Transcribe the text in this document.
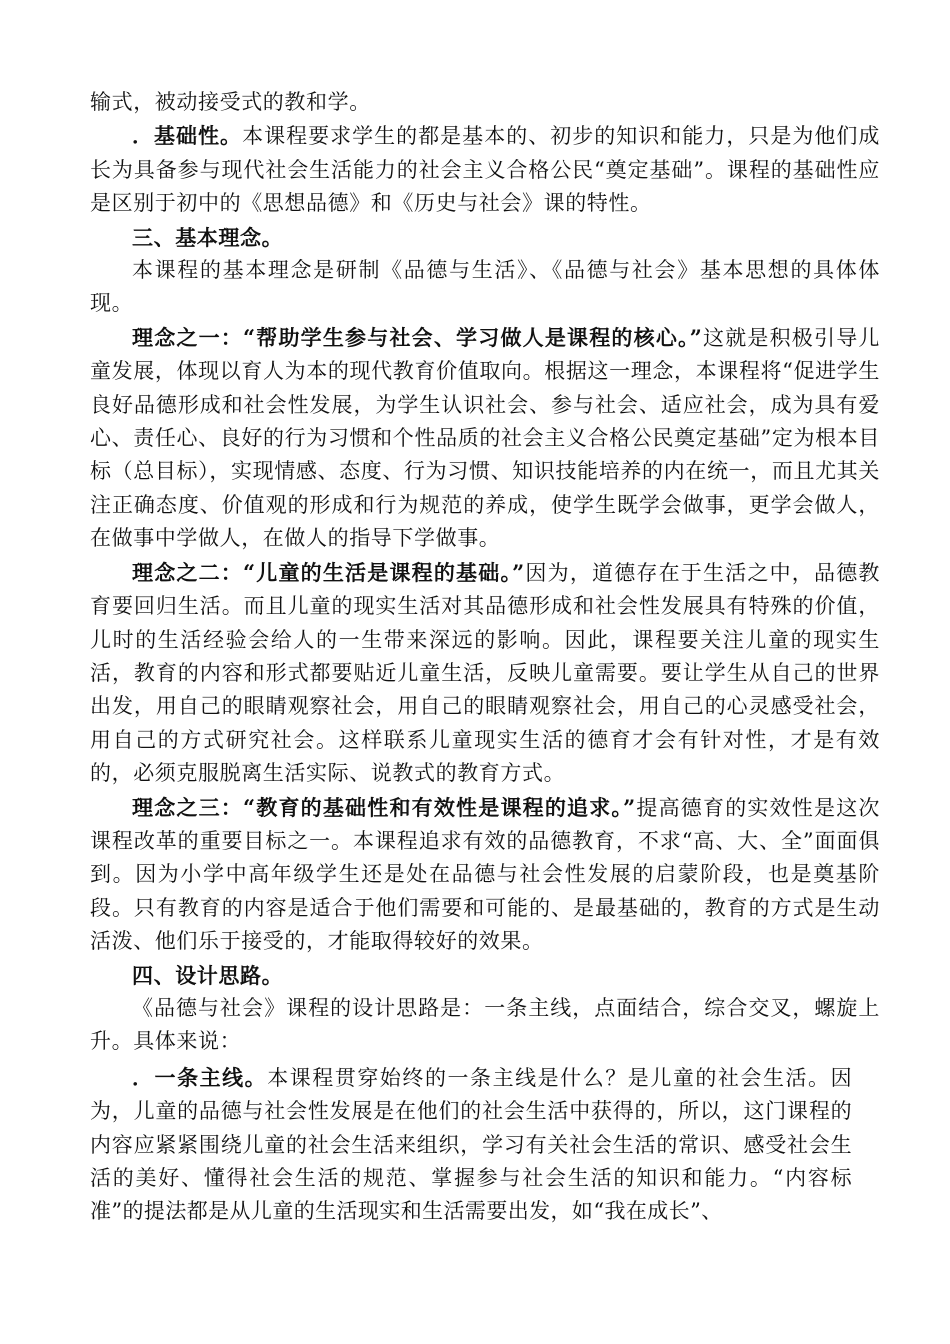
输式，被动接受式的教和学。

．基础性。本课程要求学生的都是基本的、初步的知识和能力，只是为他们成长为具备参与现代社会生活能力的社会主义合格公民“奠定基础”。课程的基础性应是区别于初中的《思想品德》和《历史与社会》课的特性。

三、基本理念。

本课程的基本理念是研制《品德与生活》、《品德与社会》基本思想的具体体现。

理念之一：“帮助学生参与社会、学习做人是课程的核心。”这就是积极引导儿童发展，体现以育人为本的现代教育价值取向。根据这一理念，本课程将“促进学生良好品德形成和社会性发展，为学生认识社会、参与社会、适应社会，成为具有爱心、责任心、良好的行为习惯和个性品质的社会主义合格公民奠定基础”定为根本目标（总目标），实现情感、态度、行为习惯、知识技能培养的内在统一，而且尤其关注正确态度、价值观的形成和行为规范的养成，使学生既学会做事，更学会做人，在做事中学做人，在做人的指导下学做事。

理念之二：“儿童的生活是课程的基础。”因为，道德存在于生活之中，品德教育要回归生活。而且儿童的现实生活对其品德形成和社会性发展具有特殊的价值，儿时的生活经验会给人的一生带来深远的影响。因此，课程要关注儿童的现实生活，教育的内容和形式都要贴近儿童生活，反映儿童需要。要让学生从自己的世界出发，用自己的眼睛观察社会，用自己的眼睛观察社会，用自己的心灵感受社会，用自己的方式研究社会。这样联系儿童现实生活的德育才会有针对性，才是有效的，必须克服脱离生活实际、说教式的教育方式。

理念之三：“教育的基础性和有效性是课程的追求。”提高德育的实效性是这次课程改革的重要目标之一。本课程追求有效的品德教育，不求“高、大、全”面面俱到。因为小学中高年级学生还是处在品德与社会性发展的启蒙阶段，也是奠基阶段。只有教育的内容是适合于他们需要和可能的、是最基础的，教育的方式是生动活泼、他们乐于接受的，才能取得较好的效果。

四、设计思路。

《品德与社会》课程的设计思路是：一条主线，点面结合，综合交叉，螺旋上升。具体来说：

．一条主线。本课程贯穿始终的一条主线是什么？是儿童的社会生活。因为，儿童的品德与社会性发展是在他们的社会生活中获得的，所以，这门课程的内容应紧紧围绕儿童的社会生活来组织，学习有关社会生活的常识、感受社会生活的美好、懂得社会生活的规范、掌握参与社会生活的知识和能力。“内容标准”的提法都是从儿童的生活现实和生活需要出发，如“我在成长”、
